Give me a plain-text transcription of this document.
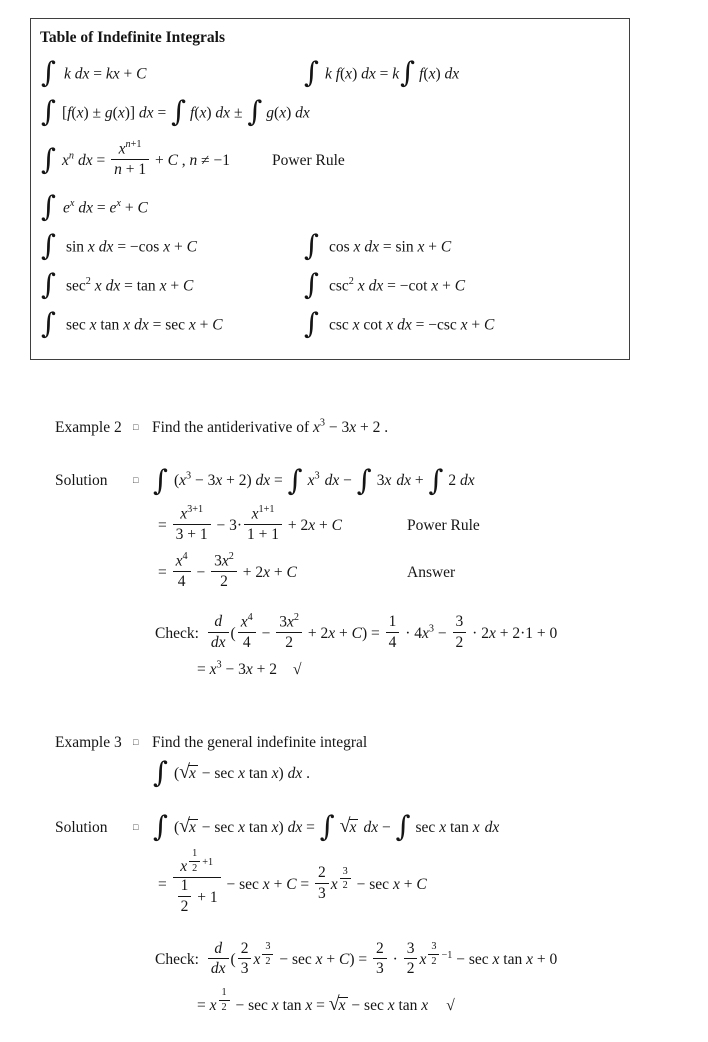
Table of Indefinite Integrals
∫ k dx = kx + C	∫ k f(x) dx = k∫ f(x) dx
∫ [f(x) ± g(x)] dx = ∫ f(x) dx ± ∫ g(x) dx
∫ $x^n$ dx = $\frac{x^{n+1}}{n + 1} + C$ , n ≠ −1	Power Rule
∫ $e^x$ dx = $e^x + C$
∫ sin x dx = −cos x + C	∫ cos x dx = sin x + C
∫ $\sec^2 x$ dx = tan x + C	∫ $\csc^2 x$ dx = −cot x + C
∫ sec x tan x dx = sec x + C	∫ csc x cot x dx = −csc x + C
Example 2 □ Find the antiderivative of $x^3 - 3x + 2$ .
Solution	□ ∫ $(x^3 - 3x + 2)$ dx = ∫ $x^3$ dx − ∫ 3x dx + ∫ 2 dx
= $\frac{x^{3+1}}{3 + 1} - 3\cdot \frac{x^{1+1}}{1 + 1} + 2x + C$	Power Rule
= $\frac{x^4}{4} - \frac{3x^2}{2} + 2x + C$	Answer
Check: $\frac{d}{dx}$ ( $\frac{x^4}{4} - \frac{3x^2}{2} + 2x + C) = \frac{1}{4} \cdot 4x^3 - \frac{3}{2} \cdot 2x + 2\cdot 1 + 0$
= $x^3 - 3x + 2$ √
Example 3 □ Find the general indefinite integral
∫ (√x − sec x tan x) dx .
Solution	□ ∫ (√x − sec x tan x) dx = ∫ √x dx − ∫ sec x tan x dx
= x $^{\frac{1}{2} +1}$
$\frac{1}{2} + 1 - \sec x + C = \frac{2}{3}$ x $^{\frac{3}{2}}$ − sec x + C
Check: $\frac{d}{dx}$ ( $\frac{2}{3}$ x $^{\frac{3}{2}} - \sec x + C) = \frac{2}{3} \cdot \frac{3}{2}$ x $^{\frac{3}{2} -1}$ − sec x tan x + 0
= x $^{\frac{1}{2}}$ − sec x tan x = √x − sec x tan x √
